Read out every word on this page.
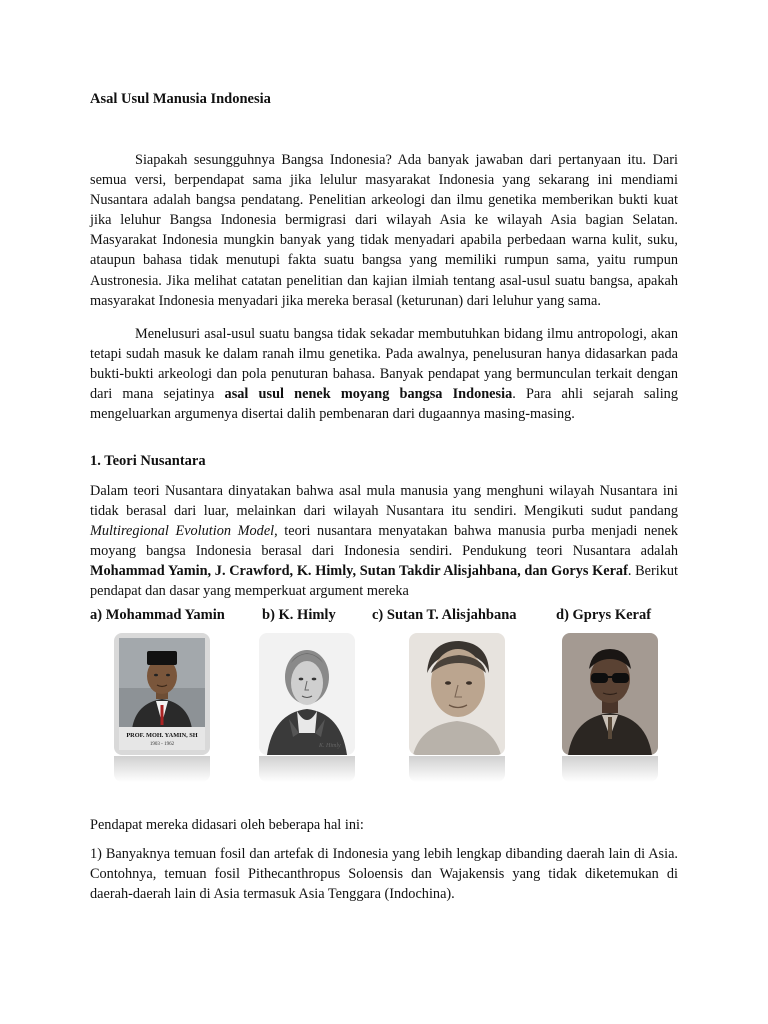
Asal Usul Manusia Indonesia

Siapakah sesungguhnya Bangsa Indonesia? Ada banyak jawaban dari pertanyaan itu. Dari semua versi, berpendapat sama jika lelulur masyarakat Indonesia yang sekarang ini mendiami Nusantara adalah bangsa pendatang. Penelitian arkeologi dan ilmu genetika memberikan bukti kuat jika leluhur Bangsa Indonesia bermigrasi dari wilayah Asia ke wilayah Asia bagian Selatan. Masyarakat Indonesia mungkin banyak yang tidak menyadari apabila perbedaan warna kulit, suku, ataupun bahasa tidak menutupi fakta suatu bangsa yang memiliki rumpun sama, yaitu rumpun Austronesia. Jika melihat catatan penelitian dan kajian ilmiah tentang asal-usul suatu bangsa, apakah masyarakat Indonesia menyadari jika mereka berasal (keturunan) dari leluhur yang sama.

Menelusuri asal-usul suatu bangsa tidak sekadar membutuhkan bidang ilmu antropologi, akan tetapi sudah masuk ke dalam ranah ilmu genetika. Pada awalnya, penelusuran hanya didasarkan pada bukti-bukti arkeologi dan pola penuturan bahasa. Banyak pendapat yang bermunculan terkait dengan dari mana sejatinya asal usul nenek moyang bangsa Indonesia. Para ahli sejarah saling mengeluarkan argumenya disertai dalih pembenaran dari dugaannya masing-masing.

1. Teori Nusantara

Dalam teori Nusantara dinyatakan bahwa asal mula manusia yang menghuni wilayah Nusantara ini tidak berasal dari luar, melainkan dari wilayah Nusantara itu sendiri. Mengikuti sudut pandang Multiregional Evolution Model, teori nusantara menyatakan bahwa manusia purba menjadi nenek moyang bangsa Indonesia berasal dari Indonesia sendiri. Pendukung teori Nusantara adalah Mohammad Yamin, J. Crawford, K. Himly, Sutan Takdir Alisjahbana, dan Gorys Keraf. Berikut pendapat dan dasar yang memperkuat argument mereka

a) Mohammad Yamin	b) K. Himly	c) Sutan T. Alisjahbana	d) Gprys Keraf
PROF. MOH. YAMIN, SH
1903 - 1962	K. Himly

Pendapat mereka didasari oleh beberapa hal ini:

1) Banyaknya temuan fosil dan artefak di Indonesia yang lebih lengkap dibanding daerah lain di Asia. Contohnya, temuan fosil Pithecanthropus Soloensis dan Wajakensis yang tidak diketemukan di daerah-daerah lain di Asia termasuk Asia Tenggara (Indochina).
